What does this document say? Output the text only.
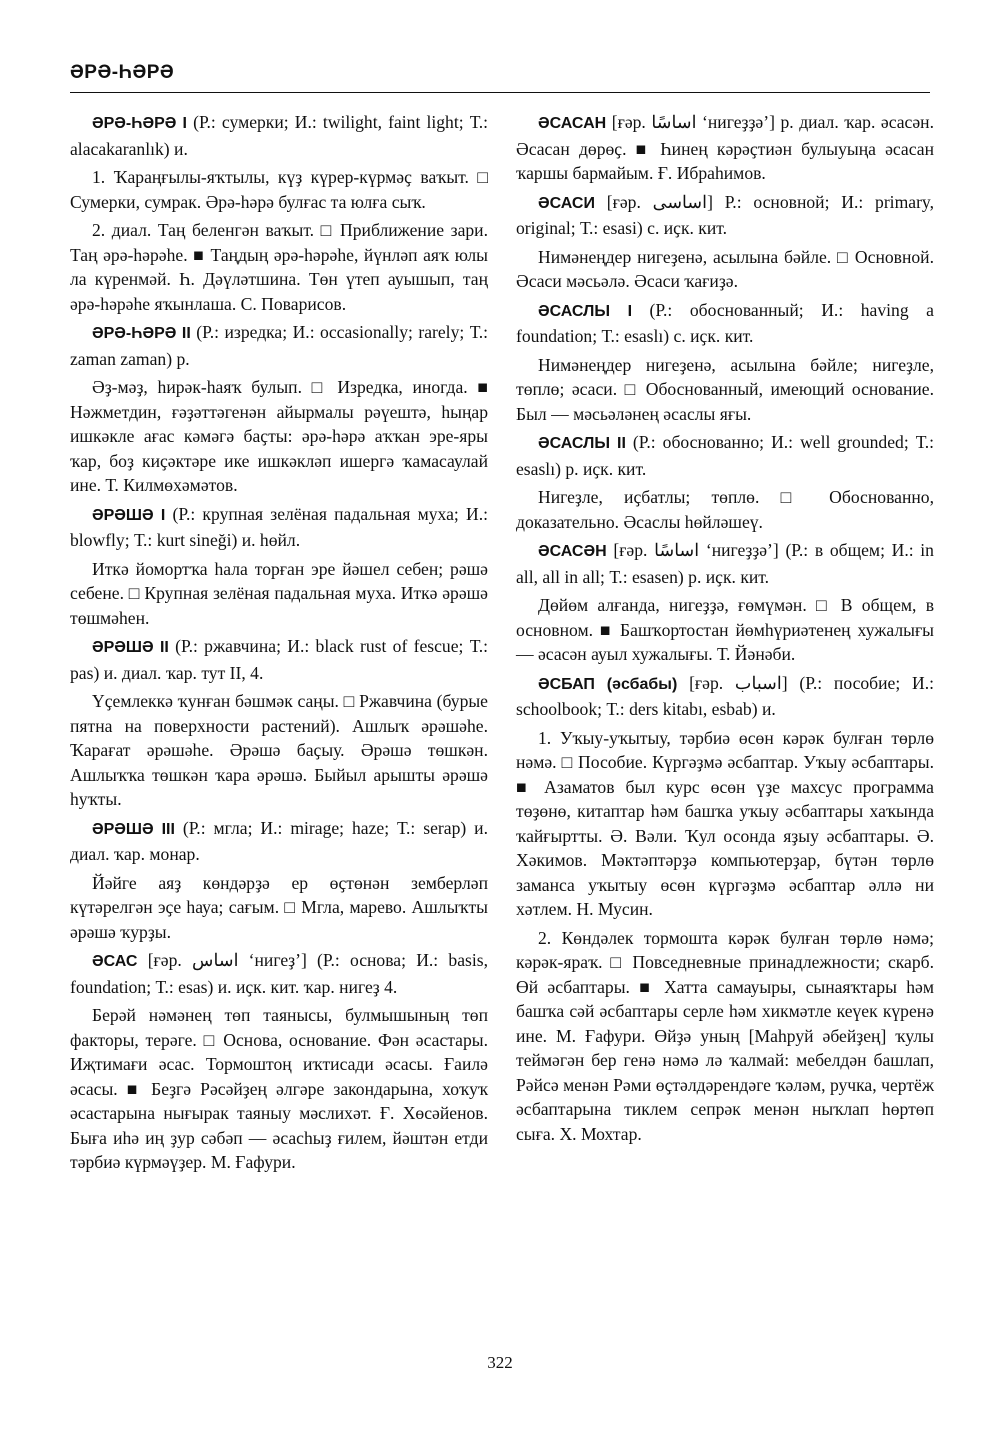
ӘРӘ-ҺӘРӘ

ӘРӘ-ҺӘРӘ I (Р.: сумерки; И.: twilight, faint light; Т.: alacakaranlık) и.

1. Ҡараңғылы-яҡтылы, күҙ күрер-күрмәҫ ваҡыт. □ Сумерки, сумрак. Әрә-һәрә булғас та юлға сыҡ.

2. диал. Таң беленгән ваҡыт. □ Приближение зари. Таң әрә-һәрәһе. ■ Таңдың әрә-һәрәһе, йүнләп аяҡ юлы ла күренмәй. Һ. Дәүләтшина. Төн үтеп ауышып, таң әрә-һәрәһе яҡынлаша. С. Поварисов.

ӘРӘ-ҺӘРӘ II (Р.: изредка; И.: occasionally; rarely; Т.: zaman zaman) р.

Әҙ-мәҙ, һирәк-һаяҡ булып. □ Изредка, иногда. ■ Нәжметдин, ғәҙәттәгенән айырмалы рәүештә, һыңар ишкәкле ағас кәмәгә баҫты: әрә-һәрә аҡҡан эре-яры ҡар, боҙ киҫәктәре ике ишкәкләп ишергә ҡамасаулай ине. Т. Килмөхәмәтов.

ӘРӘШӘ I (Р.: крупная зелёная падальная муха; И.: blowfly; Т.: kurt sineği) и. һөйл.

Иткә йомортҡа һала торған эре йәшел себен; рәшә себене. □ Крупная зелёная падальная муха. Иткә әрәшә төшмәһен.

ӘРӘШӘ II (Р.: ржавчина; И.: black rust of fescue; Т.: pas) и. диал. ҡар. тут II, 4.

Үҫемлеккә ҡунған бәшмәк саңы. □ Ржавчина (бурые пятна на поверхности растений). Ашлыҡ әрәшәһе. Ҡарағат әрәшәһе. Әрәшә баҫыу. Әрәшә төшкән. Ашлыҡҡа төшкән ҡара әрәшә. Быйыл арышты әрәшә һуҡты.

ӘРӘШӘ III (Р.: мгла; И.: mirage; haze; Т.: serap) и. диал. ҡар. монар.

Йәйге аяҙ көндәрҙә ер өҫтөнән земберләп күтәрелгән эҫе һауа; сағым. □ Мгла, марево. Ашлыҡты әрәшә ҡурҙы.

ӘСАС [ғәр. اساس ‘нигеҙ’] (Р.: основа; И.: basis, foundation; Т.: esas) и. иҫк. кит. ҡар. нигеҙ 4.

Берәй нәмәнең төп таянысы, булмышының төп факторы, терәге. □ Основа, основание. Фән әсастары. Иҗтимағи әсас. Тормоштоң иҡтисади әсасы. Ғаилә әсасы. ■ Беҙгә Рәсәйҙең әлгәре закондарына, хоҡуҡ әсастарына нығырак таяныу мәслихәт. Ғ. Хөсәйенов. Быға иһә иң ҙур сәбәп — әсасһыҙ ғилем, йәштән етди тәрбиә күрмәүҙер. М. Ғафури.

ӘСАСАН [ғәр. اساسًا ‘нигеҙҙә’] р. диал. ҡар. әсасән. Әсасан дөрөҫ. ■ Һинең кәрәҫтиән булыуыңа әсасан ҡаршы бармайым. Ғ. Ибраһимов.

ӘСАСИ [ғәр. اساسى] Р.: основной; И.: primary, original; Т.: esasi) с. иҫк. кит.

Нимәнеңдер нигеҙенә, асылына бәйле. □ Основной. Әсаси мәсьәлә. Әсаси ҡағиҙә.

ӘСАСЛЫ I (Р.: обоснованный; И.: having a foundation; Т.: esaslı) с. иҫк. кит.

Нимәнеңдер нигеҙенә, асылына бәйле; нигеҙле, төплө; әсаси. □ Обоснованный, имеющий основание. Был — мәсьәләнең әсаслы яғы.

ӘСАСЛЫ II (Р.: обоснованно; И.: well grounded; Т.: esaslı) р. иҫк. кит.

Нигеҙле, иҫбатлы; төплө. □ Обоснованно, доказательно. Әсаслы һөйләшеү.

ӘСАСӘН [ғәр. اساسًا ‘нигеҙҙә’] (Р.: в общем; И.: in all, all in all; Т.: esasen) р. иҫк. кит.

Дөйөм алғанда, нигеҙҙә, ғөмүмән. □ В общем, в основном. ■ Башҡортостан йөмһүриәтенең хужалығы — әсасән ауыл хужалығы. Т. Йәнәби.

ӘСБАП (әсбабы) [ғәр. اسباب] (Р.: пособие; И.: schoolbook; Т.: ders kitabı, esbab) и.

1. Уҡыу-уҡытыу, тәрбиә өсөн кәрәк булған төрлө нәмә. □ Пособие. Күргәҙмә әсбаптар. Уҡыу әсбаптары. ■ Азаматов был курс өсөн үҙе махсус программа төҙөнө, китаптар һәм башҡа уҡыу әсбаптары хаҡында ҡайғыртты. Ә. Вәли. Ҡул осонда яҙыу әсбаптары. Ә. Хәкимов. Мәктәптәрҙә компьютерҙар, бүтән төрлө заманса уҡытыу өсөн күргәҙмә әсбаптар әллә ни хәтлем. Н. Мусин.

2. Көндәлек тормошта кәрәк булған төрлө нәмә; кәрәк-яраҡ. □ Повседневные принадлежности; скарб. Өй әсбаптары. ■ Хатта самауыры, сынаяҡтары һәм башҡа сәй әсбаптары серле һәм хикмәтле кеүек күренә ине. М. Ғафури. Өйҙә уның [Маһруй әбейҙең] ҡулы теймәгән бер генә нәмә лә ҡалмай: мебелдән башлап, Рәйсә менән Рәми өҫтәлдәрендәге ҡәләм, ручка, чертёж әсбаптарына тиклем сепрәк менән ныҡлап һөртөп сыға. Х. Мохтар.

322
